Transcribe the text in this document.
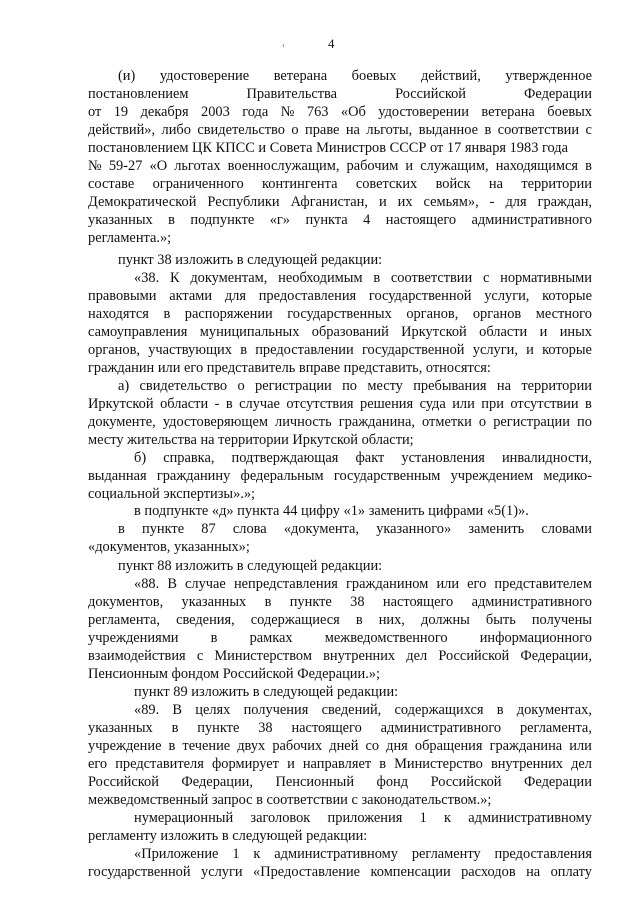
4
‹
(и) удостоверение ветерана боевых действий, утвержденное
постановлением	Правительства	Российской	Федерации
от 19 декабря 2003 года № 763 «Об удостоверении ветерана боевых
действий», либо свидетельство о праве на льготы, выданное в соответствии с
постановлением ЦК КПСС и Совета Министров СССР от 17 января 1983 года
№ 59-27 «О льготах военнослужащим, рабочим и служащим, находящимся в
составе ограниченного контингента советских войск на территории
Демократической Республики Афганистан, и их семьям», - для граждан,
указанных в подпункте «г» пункта 4 настоящего административного
регламента.»;
пункт 38 изложить в следующей редакции:
«38. К документам, необходимым в соответствии с нормативными
правовыми актами для предоставления государственной услуги, которые
находятся в распоряжении государственных органов, органов местного
самоуправления муниципальных образований Иркутской области и иных
органов, участвующих в предоставлении государственной услуги, и которые
гражданин или его представитель вправе представить, относятся:
а) свидетельство о регистрации по месту пребывания на территории
Иркутской области - в случае отсутствия решения суда или при отсутствии в
документе, удостоверяющем личность гражданина, отметки о регистрации по
месту жительства на территории Иркутской области;
б) справка, подтверждающая факт установления инвалидности,
выданная гражданину федеральным государственным учреждением медико-
социальной экспертизы».»;
в подпункте «д» пункта 44 цифру «1» заменить цифрами «5(1)».
в пункте 87 слова «документа, указанного» заменить словами
«документов, указанных»;
пункт 88 изложить в следующей редакции:
«88. В случае непредставления гражданином или его представителем
документов, указанных в пункте 38 настоящего административного
регламента, сведения, содержащиеся в них, должны быть получены
учреждениями в рамках межведомственного информационного
взаимодействия с Министерством внутренних дел Российской Федерации,
Пенсионным фондом Российской Федерации.»;
пункт 89 изложить в следующей редакции:
«89. В целях получения сведений, содержащихся в документах,
указанных в пункте 38 настоящего административного регламента,
учреждение в течение двух рабочих дней со дня обращения гражданина или
его представителя формирует и направляет в Министерство внутренних дел
Российской Федерации, Пенсионный фонд Российской Федерации
межведомственный запрос в соответствии с законодательством.»;
нумерационный заголовок приложения 1 к административному
регламенту изложить в следующей редакции:
«Приложение 1 к административному регламенту предоставления
государственной услуги «Предоставление компенсации расходов на оплату
